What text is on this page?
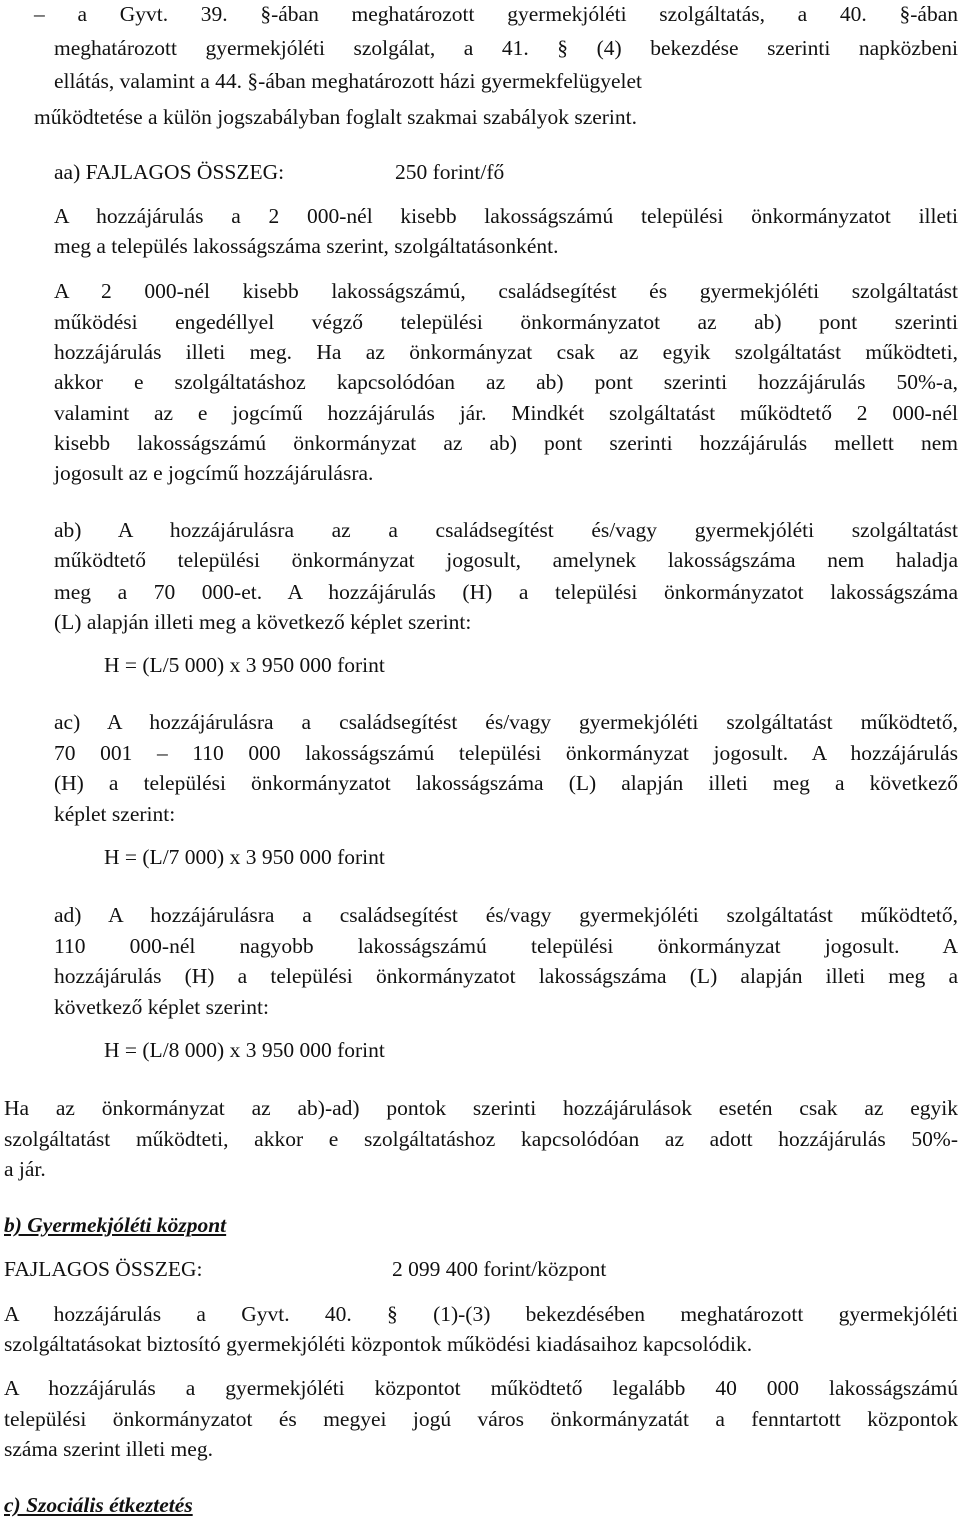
– a Gyvt. 39. §-ában meghatározott gyermekjóléti szolgáltatás, a 40. §-ában
meghatározott gyermekjóléti szolgálat, a 41. § (4) bekezdése szerinti napközbeni
ellátás, valamint a 44. §-ában meghatározott házi gyermekfelügyelet
működtetése a külön jogszabályban foglalt szakmai szabályok szerint.
aa) FAJLAGOS ÖSSZEG:	250 forint/fő
A hozzájárulás a 2 000-nél kisebb lakosságszámú települési önkormányzatot illeti
meg a település lakosságszáma szerint, szolgáltatásonként.
A 2 000-nél kisebb lakosságszámú, családsegítést és gyermekjóléti szolgáltatást
működési engedéllyel végző települési önkormányzatot az ab) pont szerinti
hozzájárulás illeti meg. Ha az önkormányzat csak az egyik szolgáltatást működteti,
akkor e szolgáltatáshoz kapcsolódóan az ab) pont szerinti hozzájárulás 50%-a,
valamint az e jogcímű hozzájárulás jár. Mindkét szolgáltatást működtető 2 000-nél
kisebb lakosságszámú önkormányzat az ab) pont szerinti hozzájárulás mellett nem
jogosult az e jogcímű hozzájárulásra.
ab) A hozzájárulásra az a családsegítést és/vagy gyermekjóléti szolgáltatást
működtető települési önkormányzat jogosult, amelynek lakosságszáma nem haladja
meg a 70 000-et. A hozzájárulás (H) a települési önkormányzatot lakosságszáma
(L) alapján illeti meg a következő képlet szerint:
H = (L/5 000) x 3 950 000 forint
ac) A hozzájárulásra a családsegítést és/vagy gyermekjóléti szolgáltatást működtető,
70 001 – 110 000 lakosságszámú települési önkormányzat jogosult. A hozzájárulás
(H) a települési önkormányzatot lakosságszáma (L) alapján illeti meg a következő
képlet szerint:
H = (L/7 000) x 3 950 000 forint
ad) A hozzájárulásra a családsegítést és/vagy gyermekjóléti szolgáltatást működtető,
110 000-nél nagyobb lakosságszámú települési önkormányzat jogosult. A
hozzájárulás (H) a települési önkormányzatot lakosságszáma (L) alapján illeti meg a
következő képlet szerint:
H = (L/8 000) x 3 950 000 forint
Ha az önkormányzat az ab)-ad) pontok szerinti hozzájárulások esetén csak az egyik
szolgáltatást működteti, akkor e szolgáltatáshoz kapcsolódóan az adott hozzájárulás 50%-
a jár.
b) Gyermekjóléti központ
FAJLAGOS ÖSSZEG:	2 099 400 forint/központ
A hozzájárulás a Gyvt. 40. § (1)-(3) bekezdésében meghatározott gyermekjóléti
szolgáltatásokat biztosító gyermekjóléti központok működési kiadásaihoz kapcsolódik.
A hozzájárulás a gyermekjóléti központot működtető legalább 40 000 lakosságszámú
települési önkormányzatot és megyei jogú város önkormányzatát a fenntartott központok
száma szerint illeti meg.
c) Szociális étkeztetés
